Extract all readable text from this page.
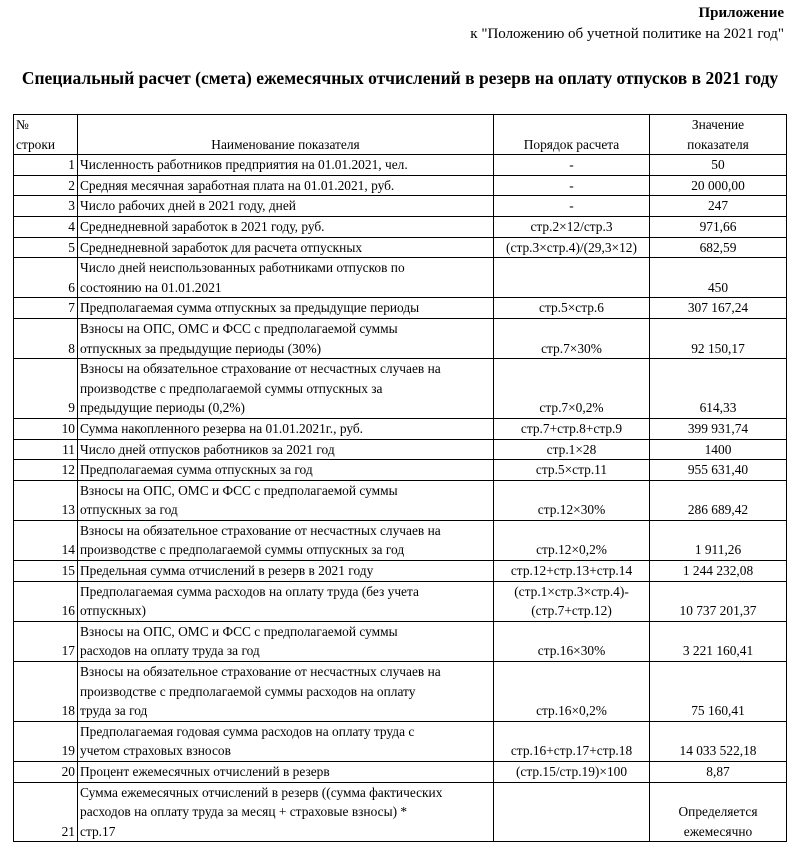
Приложение
к "Положению об учетной политике на 2021 год"
Специальный расчет (смета) ежемесячных отчислений в резерв на оплату отпусков в 2021 году
№
строки	Наименование показателя	Порядок расчета	Значение
показателя
1	Численность работников предприятия на 01.01.2021, чел.	-	50
2	Средняя месячная заработная плата на 01.01.2021, руб.	-	20 000,00
3	Число рабочих дней в 2021 году, дней	-	247
4	Среднедневной заработок в 2021 году, руб.	стр.2×12/стр.3	971,66
5	Среднедневной заработок для расчета отпускных	(стр.3×стр.4)/(29,3×12)	682,59
6	Число дней неиспользованных работниками отпусков по
состоянию на 01.01.2021		450
7	Предполагаемая сумма отпускных за предыдущие периоды	стр.5×стр.6	307 167,24
8	Взносы на ОПС, ОМС и ФСС с предполагаемой суммы
отпускных за предыдущие периоды (30%)	стр.7×30%	92 150,17
9	Взносы на обязательное страхование от несчастных случаев на
производстве с предполагаемой суммы отпускных за
предыдущие периоды (0,2%)	стр.7×0,2%	614,33
10	Сумма накопленного резерва на 01.01.2021г., руб.	стр.7+стр.8+стр.9	399 931,74
11	Число дней отпусков работников за 2021 год	стр.1×28	1400
12	Предполагаемая сумма отпускных за год	стр.5×стр.11	955 631,40
13	Взносы на ОПС, ОМС и ФСС с предполагаемой суммы
отпускных за год	стр.12×30%	286 689,42
14	Взносы на обязательное страхование от несчастных случаев на
производстве с предполагаемой суммы отпускных за год	стр.12×0,2%	1 911,26
15	Предельная сумма отчислений в резерв в 2021 году	стр.12+стр.13+стр.14	1 244 232,08
16	Предполагаемая сумма расходов на оплату труда (без учета
отпускных)	(стр.1×стр.3×стр.4)-
(стр.7+стр.12)	10 737 201,37
17	Взносы на ОПС, ОМС и ФСС с предполагаемой суммы
расходов на оплату труда за год	стр.16×30%	3 221 160,41
18	Взносы на обязательное страхование от несчастных случаев на
производстве с предполагаемой суммы расходов на оплату
труда за год	стр.16×0,2%	75 160,41
19	Предполагаемая годовая сумма расходов на оплату труда с
учетом страховых взносов	стр.16+стр.17+стр.18	14 033 522,18
20	Процент ежемесячных отчислений в резерв	(стр.15/стр.19)×100	8,87
21	Сумма ежемесячных отчислений в резерв ((сумма фактических
расходов на оплату труда за месяц + страховые взносы) *
стр.17		Определяется
ежемесячно
